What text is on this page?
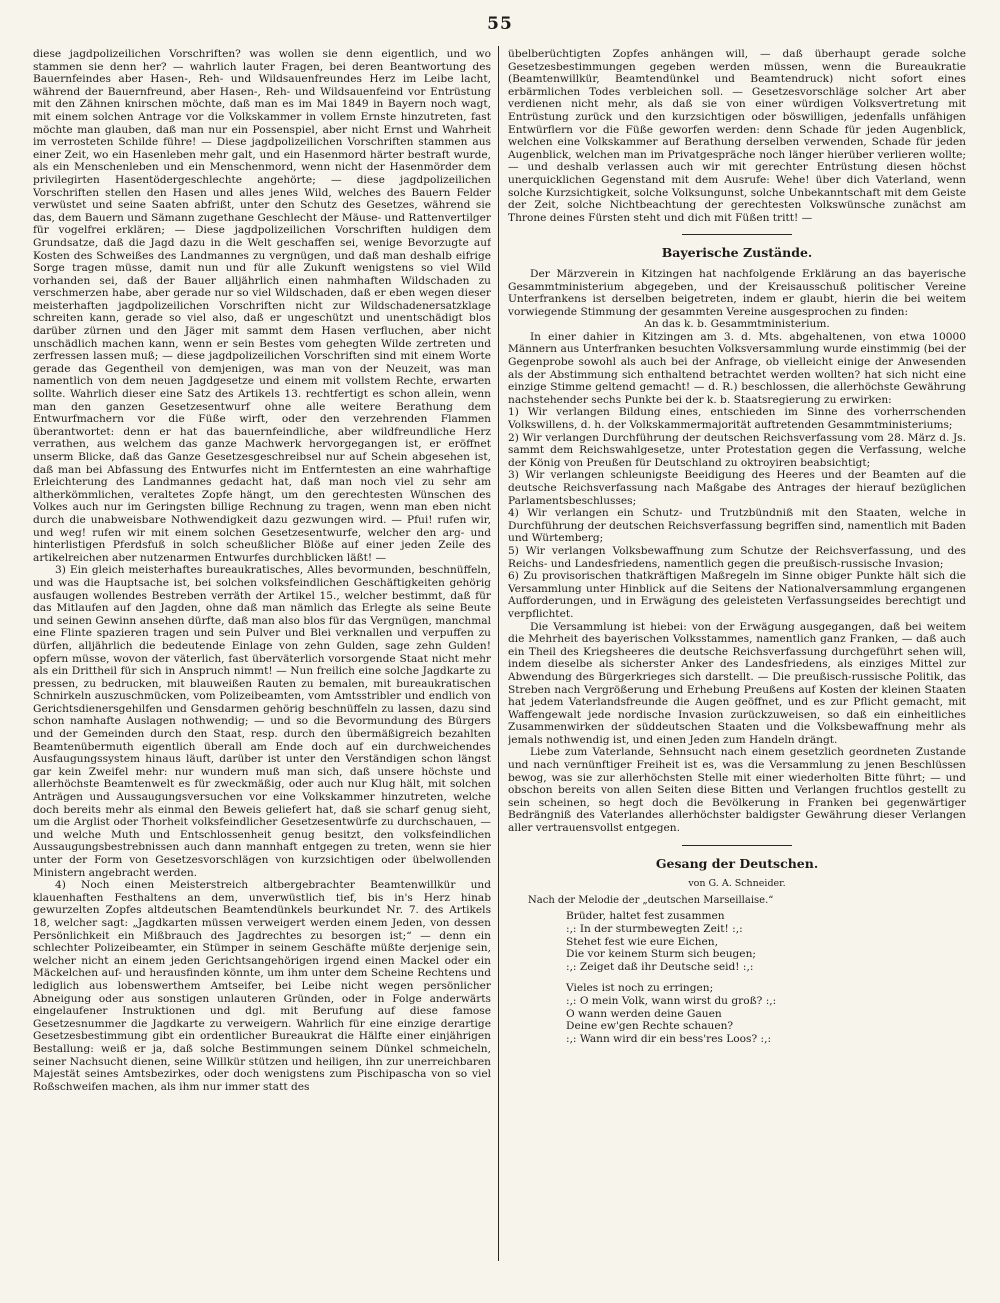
55

diese jagdpolizeilichen Vorschriften? was wollen sie denn eigentlich, und wo stammen sie denn her? — wahrlich lauter Fragen, bei deren Beantwortung des Bauernfeindes aber Hasen-, Reh- und Wildsauenfreundes Herz im Leibe lacht, während der Bauernfreund, aber Hasen-, Reh- und Wildsauenfeind vor Entrüstung mit den Zähnen knirschen möchte, daß man es im Mai 1849 in Bayern noch wagt, mit einem solchen Antrage vor die Volkskammer in vollem Ernste hinzutreten, fast möchte man glauben, daß man nur ein Possenspiel, aber nicht Ernst und Wahrheit im verrosteten Schilde führe! — Diese jagdpolizeilichen Vorschriften stammen aus einer Zeit, wo ein Hasenleben mehr galt, und ein Hasenmord härter bestraft wurde, als ein Menschenleben und ein Menschenmord, wenn nicht der Hasenmörder dem privilegirten Hasentödergeschlechte angehörte; — diese jagdpolizeilichen Vorschriften stellen den Hasen und alles jenes Wild, welches des Bauern Felder verwüstet und seine Saaten abfrißt, unter den Schutz des Gesetzes, während sie das, dem Bauern und Sämann zugethane Geschlecht der Mäuse- und Rattenvertilger für vogelfrei erklären; — Diese jagdpolizeilichen Vorschriften huldigen dem Grundsatze, daß die Jagd dazu in die Welt geschaffen sei, wenige Bevorzugte auf Kosten des Schweißes des Landmannes zu vergnügen, und daß man deshalb eifrige Sorge tragen müsse, damit nun und für alle Zukunft wenigstens so viel Wild vorhanden sei, daß der Bauer alljährlich einen nahmhaften Wildschaden zu verschmerzen habe, aber gerade nur so viel Wildschaden, daß er eben wegen dieser meisterhaften jagdpolizeilichen Vorschriften nicht zur Wildschadenersatzklage schreiten kann, gerade so viel also, daß er ungeschützt und unentschädigt blos darüber zürnen und den Jäger mit sammt dem Hasen verfluchen, aber nicht unschädlich machen kann, wenn er sein Bestes vom gehegten Wilde zertreten und zerfressen lassen muß; — diese jagdpolizeilichen Vorschriften sind mit einem Worte gerade das Gegentheil von demjenigen, was man von der Neuzeit, was man namentlich von dem neuen Jagdgesetze und einem mit vollstem Rechte, erwarten sollte. Wahrlich dieser eine Satz des Artikels 13. rechtfertigt es schon allein, wenn man den ganzen Gesetzesentwurf ohne alle weitere Berathung dem Entwurfmachern vor die Füße wirft, oder den verzehrenden Flammen überantwortet: denn er hat das bauernfeindliche, aber wildfreundliche Herz verrathen, aus welchem das ganze Machwerk hervorgegangen ist, er eröffnet unserm Blicke, daß das Ganze Gesetzesgeschreibsel nur auf Schein abgesehen ist, daß man bei Abfassung des Entwurfes nicht im Entferntesten an eine wahrhaftige Erleichterung des Landmannes gedacht hat, daß man noch viel zu sehr am altherkömmlichen, veraltetes Zopfe hängt, um den gerechtesten Wünschen des Volkes auch nur im Geringsten billige Rechnung zu tragen, wenn man eben nicht durch die unabweisbare Nothwendigkeit dazu gezwungen wird. — Pfui! rufen wir, und weg! rufen wir mit einem solchen Gesetzesentwurfe, welcher den arg- und hinterlistigen Pferdsfuß in solch scheußlicher Blöße auf einer jeden Zeile des artikelreichen aber nutzenarmen Entwurfes durchblicken läßt! —

3) Ein gleich meisterhaftes bureaukratisches, Alles bevormunden, beschnüffeln, und was die Hauptsache ist, bei solchen volksfeindlichen Geschäftigkeiten gehörig ausfaugen wollendes Bestreben verräth der Artikel 15., welcher bestimmt, daß für das Mitlaufen auf den Jagden, ohne daß man nämlich das Erlegte als seine Beute und seinen Gewinn ansehen dürfte, daß man also blos für das Vergnügen, manchmal eine Flinte spazieren tragen und sein Pulver und Blei verknallen und verpuffen zu dürfen, alljährlich die bedeutende Einlage von zehn Gulden, sage zehn Gulden! opfern müsse, wovon der väterlich, fast überväterlich vorsorgende Staat nicht mehr als ein Drittheil für sich in Anspruch nimmt! — Nun freilich eine solche Jagdkarte zu pressen, zu bedrucken, mit blauweißen Rauten zu bemalen, mit bureaukratischen Schnirkeln auszuschmücken, vom Polizeibeamten, vom Amtsstribler und endlich von Gerichtsdienersgehilfen und Gensdarmen gehörig beschnüffeln zu lassen, dazu sind schon namhafte Auslagen nothwendig; — und so die Bevormundung des Bürgers und der Gemeinden durch den Staat, resp. durch den übermäßigreich bezahlten Beamtenübermuth eigentlich überall am Ende doch auf ein durchweichendes Ausfaugungssystem hinaus läuft, darüber ist unter den Verständigen schon längst gar kein Zweifel mehr: nur wundern muß man sich, daß unsere höchste und allerhöchste Beamtenwelt es für zweckmäßig, oder auch nur Klug hält, mit solchen Anträgen und Aussaugungsversuchen vor eine Volkskammer hinzutreten, welche doch bereits mehr als einmal den Beweis geliefert hat, daß sie scharf genug sieht, um die Arglist oder Thorheit volksfeindlicher Gesetzesentwürfe zu durchschauen, — und welche Muth und Entschlossenheit genug besitzt, den volksfeindlichen Aussaugungsbestrebnissen auch dann mannhaft entgegen zu treten, wenn sie hier unter der Form von Gesetzesvorschlägen von kurzsichtigen oder übelwollenden Ministern angebracht werden.

4) Noch einen Meisterstreich altbergebrachter Beamtenwillkür und klauenhaften Festhaltens an dem, unverwüstlich tief, bis in's Herz hinab gewurzelten Zopfes altdeutschen Beamtendünkels beurkundet Nr. 7. des Artikels 18, welcher sagt: „Jagdkarten müssen verweigert werden einem Jeden, von dessen Persönlichkeit ein Mißbrauch des Jagdrechtes zu besorgen ist;“ — denn ein schlechter Polizeibeamter, ein Stümper in seinem Geschäfte müßte derjenige sein, welcher nicht an einem jeden Gerichtsangehörigen irgend einen Mackel oder ein Mäckelchen auf- und herausfinden könnte, um ihm unter dem Scheine Rechtens und lediglich aus lobenswerthem Amtseifer, bei Leibe nicht wegen persönlicher Abneigung oder aus sonstigen unlauteren Gründen, oder in Folge anderwärts eingelaufener Instruktionen und dgl. mit Berufung auf diese famose Gesetzesnummer die Jagdkarte zu verweigern. Wahrlich für eine einzige derartige Gesetzesbestimmung gibt ein ordentlicher Bureaukrat die Hälfte einer einjährigen Bestallung: weiß er ja, daß solche Bestimmungen seinem Dünkel schmeicheln, seiner Nachsucht dienen, seine Willkür stützen und heiligen, ihn zur unerreichbaren Majestät seines Amtsbezirkes, oder doch wenigstens zum Pischipascha von so viel Roßschweifen machen, als ihm nur immer statt des

übelberüchtigten Zopfes anhängen will, — daß überhaupt gerade solche Gesetzesbestimmungen gegeben werden müssen, wenn die Bureaukratie (Beamtenwillkür, Beamtendünkel und Beamtendruck) nicht sofort eines erbärmlichen Todes verbleichen soll. — Gesetzesvorschläge solcher Art aber verdienen nicht mehr, als daß sie von einer würdigen Volksvertretung mit Entrüstung zurück und den kurzsichtigen oder böswilligen, jedenfalls unfähigen Entwürflern vor die Füße geworfen werden: denn Schade für jeden Augenblick, welchen eine Volkskammer auf Berathung derselben verwenden, Schade für jeden Augenblick, welchen man im Privatgespräche noch länger hierüber verlieren wollte; — und deshalb verlassen auch wir mit gerechter Entrüstung diesen höchst unerquicklichen Gegenstand mit dem Ausrufe: Wehe! über dich Vaterland, wenn solche Kurzsichtigkeit, solche Volksungunst, solche Unbekanntschaft mit dem Geiste der Zeit, solche Nichtbeachtung der gerechtesten Volkswünsche zunächst am Throne deines Fürsten steht und dich mit Füßen tritt! —

Bayerische Zustände.

Der Märzverein in Kitzingen hat nachfolgende Erklärung an das bayerische Gesammtministerium abgegeben, und der Kreisausschuß politischer Vereine Unterfrankens ist derselben beigetreten, indem er glaubt, hierin die bei weitem vorwiegende Stimmung der gesammten Vereine ausgesprochen zu finden:

An das k. b. Gesammtministerium.

In einer dahier in Kitzingen am 3. d. Mts. abgehaltenen, von etwa 10000 Männern aus Unterfranken besuchten Volksversammlung wurde einstimmig (bei der Gegenprobe sowohl als auch bei der Anfrage, ob vielleicht einige der Anwesenden als der Abstimmung sich enthaltend betrachtet werden wollten? hat sich nicht eine einzige Stimme geltend gemacht! — d. R.) beschlossen, die allerhöchste Gewährung nachstehender sechs Punkte bei der k. b. Staatsregierung zu erwirken:

1) Wir verlangen Bildung eines, entschieden im Sinne des vorherrschenden Volkswillens, d. h. der Volkskammermajorität auftretenden Gesammtministeriums;

2) Wir verlangen Durchführung der deutschen Reichsverfassung vom 28. März d. Js. sammt dem Reichswahlgesetze, unter Protestation gegen die Verfassung, welche der König von Preußen für Deutschland zu oktroyiren beabsichtigt;

3) Wir verlangen schleunigste Beeidigung des Heeres und der Beamten auf die deutsche Reichsverfassung nach Maßgabe des Antrages der hierauf bezüglichen Parlamentsbeschlusses;

4) Wir verlangen ein Schutz- und Trutzbündniß mit den Staaten, welche in Durchführung der deutschen Reichsverfassung begriffen sind, namentlich mit Baden und Würtemberg;

5) Wir verlangen Volksbewaffnung zum Schutze der Reichsverfassung, und des Reichs- und Landesfriedens, namentlich gegen die preußisch-russische Invasion;

6) Zu provisorischen thatkräftigen Maßregeln im Sinne obiger Punkte hält sich die Versammlung unter Hinblick auf die Seitens der Nationalversammlung ergangenen Aufforderungen, und in Erwägung des geleisteten Verfassungseides berechtigt und verpflichtet.

Die Versammlung ist hiebei: von der Erwägung ausgegangen, daß bei weitem die Mehrheit des bayerischen Volksstammes, namentlich ganz Franken, — daß auch ein Theil des Kriegsheeres die deutsche Reichsverfassung durchgeführt sehen will, indem dieselbe als sicherster Anker des Landesfriedens, als einziges Mittel zur Abwendung des Bürgerkrieges sich darstellt. — Die preußisch-russische Politik, das Streben nach Vergrößerung und Erhebung Preußens auf Kosten der kleinen Staaten hat jedem Vaterlandsfreunde die Augen geöffnet, und es zur Pflicht gemacht, mit Waffengewalt jede nordische Invasion zurückzuweisen, so daß ein einheitliches Zusammenwirken der süddeutschen Staaten und die Volksbewaffnung mehr als jemals nothwendig ist, und einen Jeden zum Handeln drängt.

Liebe zum Vaterlande, Sehnsucht nach einem gesetzlich geordneten Zustande und nach vernünftiger Freiheit ist es, was die Versammlung zu jenen Beschlüssen bewog, was sie zur allerhöchsten Stelle mit einer wiederholten Bitte führt; — und obschon bereits von allen Seiten diese Bitten und Verlangen fruchtlos gestellt zu sein scheinen, so hegt doch die Bevölkerung in Franken bei gegenwärtiger Bedrängniß des Vaterlandes allerhöchster baldigster Gewährung dieser Verlangen aller vertrauensvollst entgegen.

Gesang der Deutschen.
von G. A. Schneider.
Nach der Melodie der „deutschen Marseillaise.“
Brüder, haltet fest zusammen
:,: In der sturmbewegten Zeit! :,:
Stehet fest wie eure Eichen,
Die vor keinem Sturm sich beugen;
:,: Zeiget daß ihr Deutsche seid! :,:
Vieles ist noch zu erringen;
:,: O mein Volk, wann wirst du groß? :,:
O wann werden deine Gauen
Deine ew'gen Rechte schauen?
:,: Wann wird dir ein bess'res Loos? :,:
